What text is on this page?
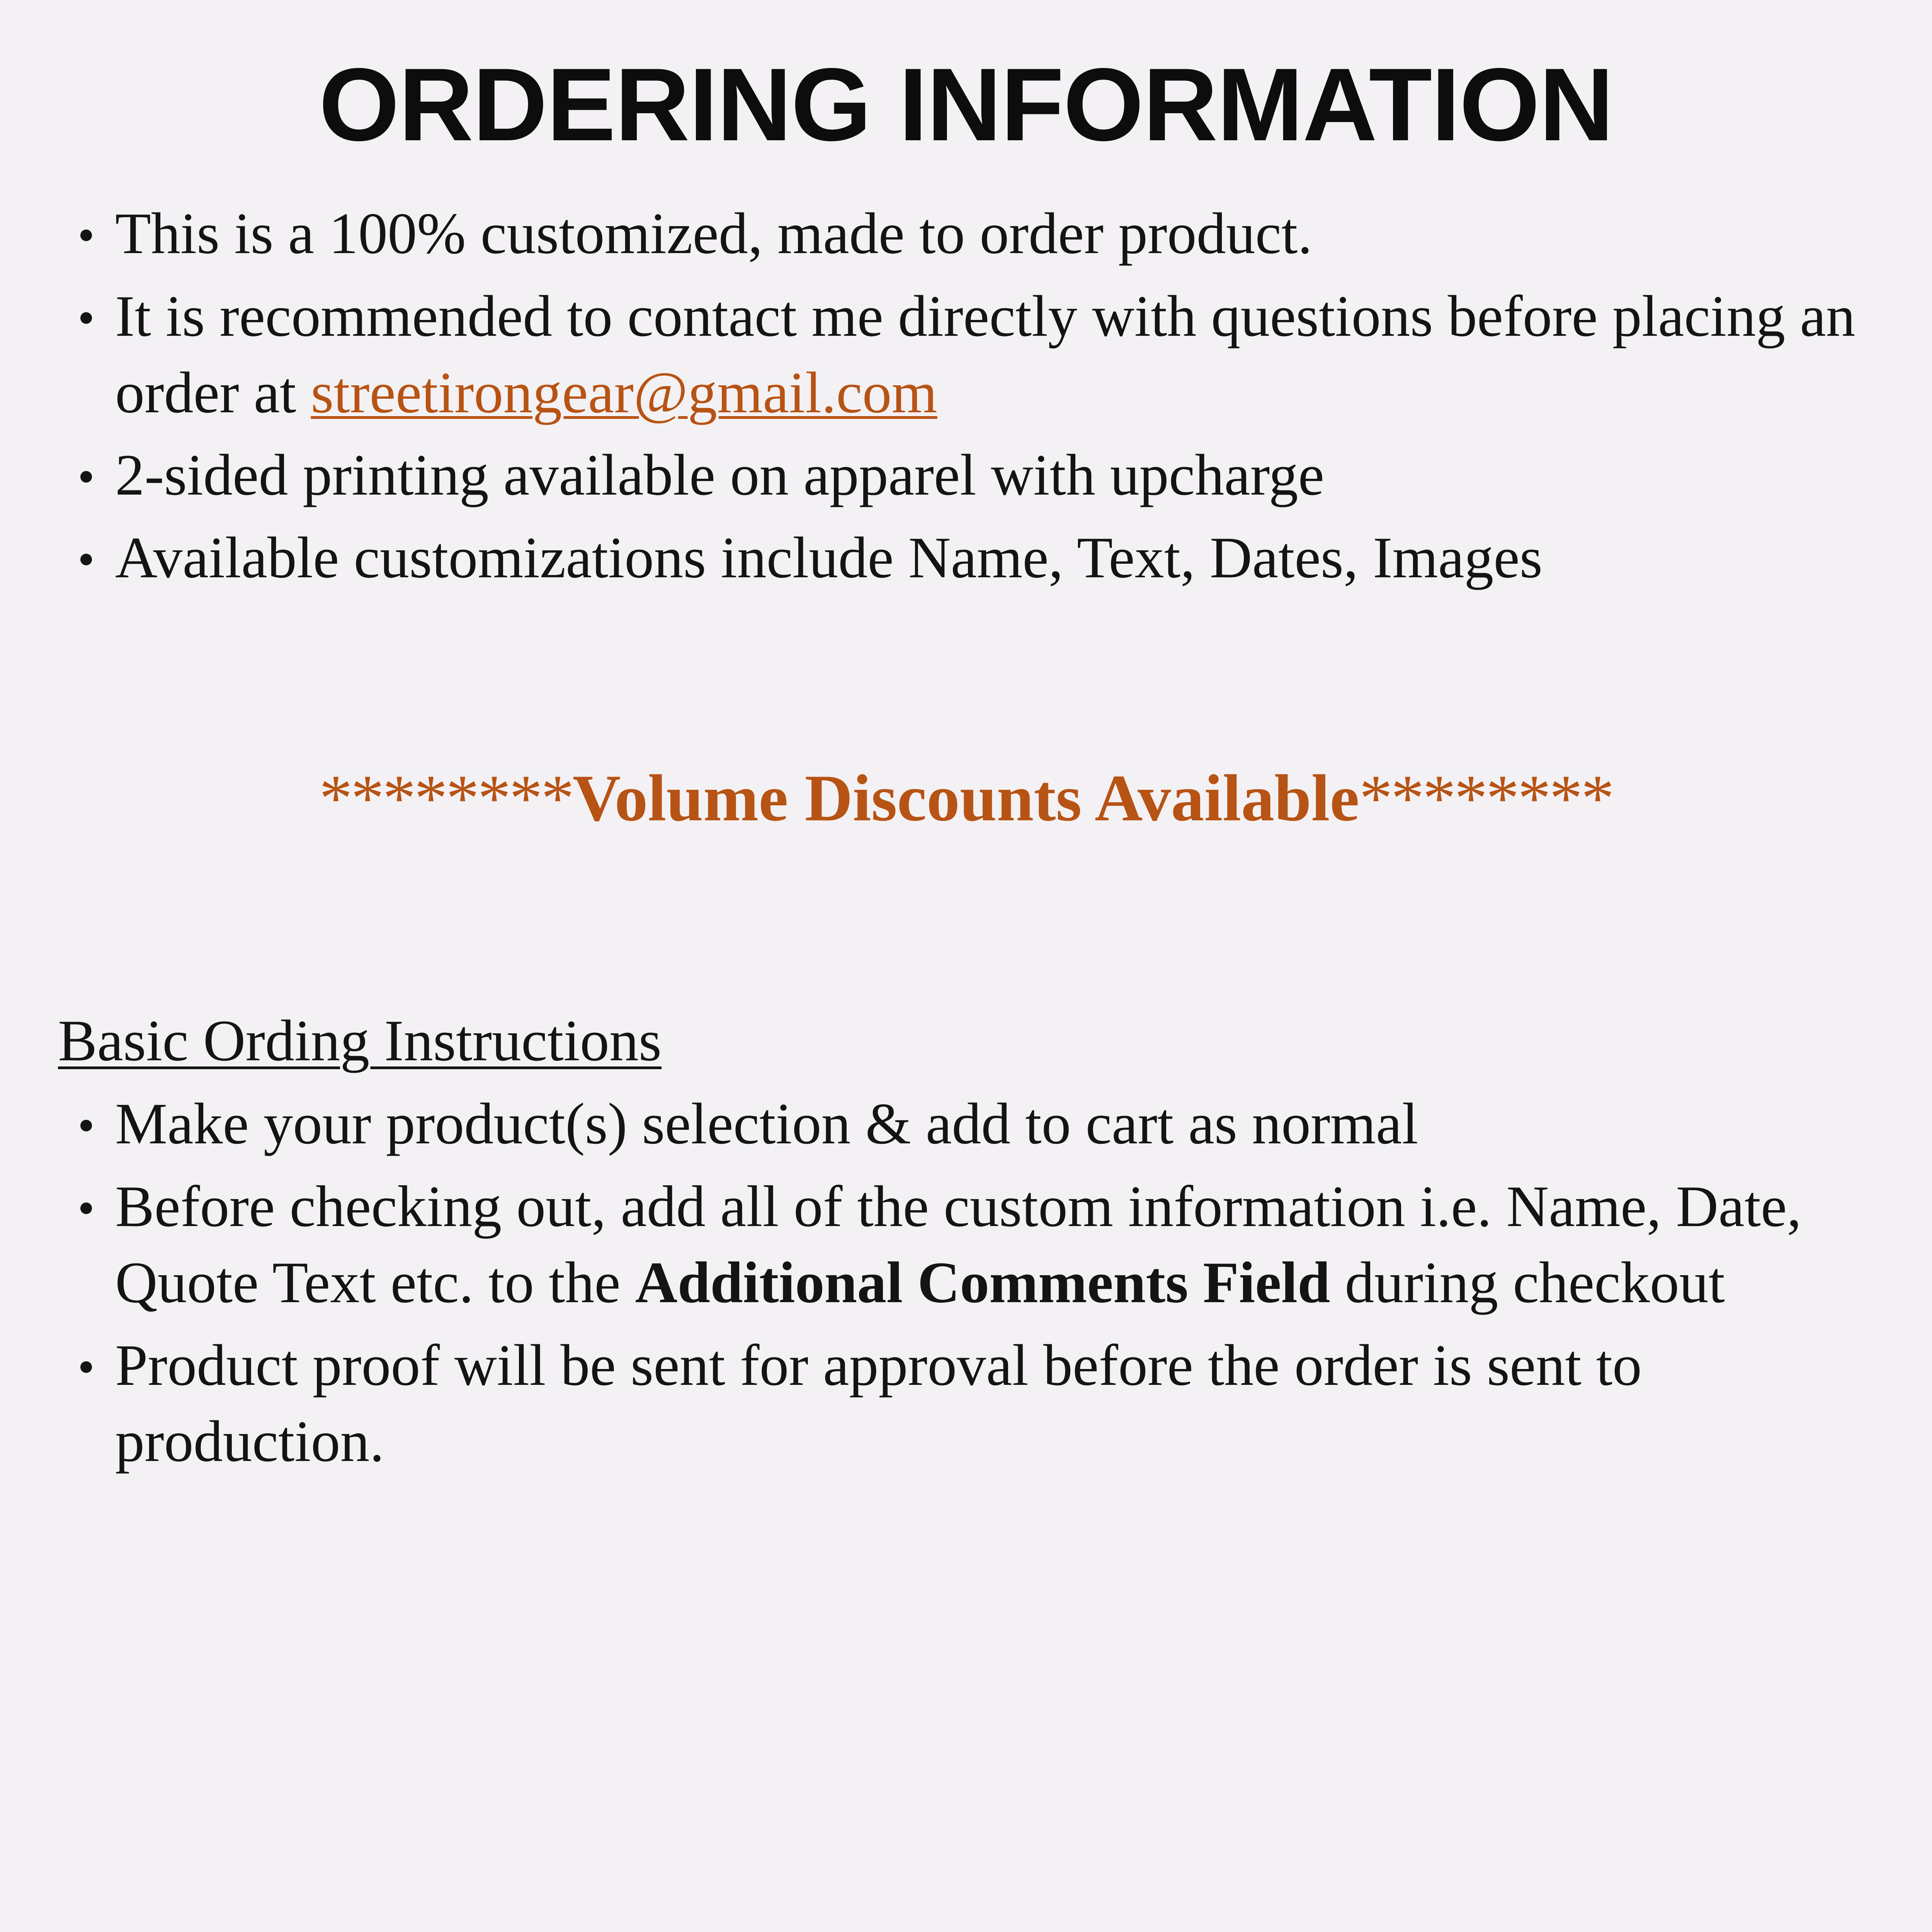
ORDERING INFORMATION
This is a 100% customized, made to order product.
It is recommended to contact me directly with questions before placing an order at streetirongear@gmail.com
2-sided printing available on apparel with upcharge
Available customizations include Name, Text, Dates, Images
********Volume Discounts Available********
Basic Ording Instructions
Make your product(s) selection & add to cart as normal
Before checking out, add all of the custom information i.e. Name, Date, Quote Text etc. to the Additional Comments Field during checkout
Product proof will be sent for approval before the order is sent to production.
